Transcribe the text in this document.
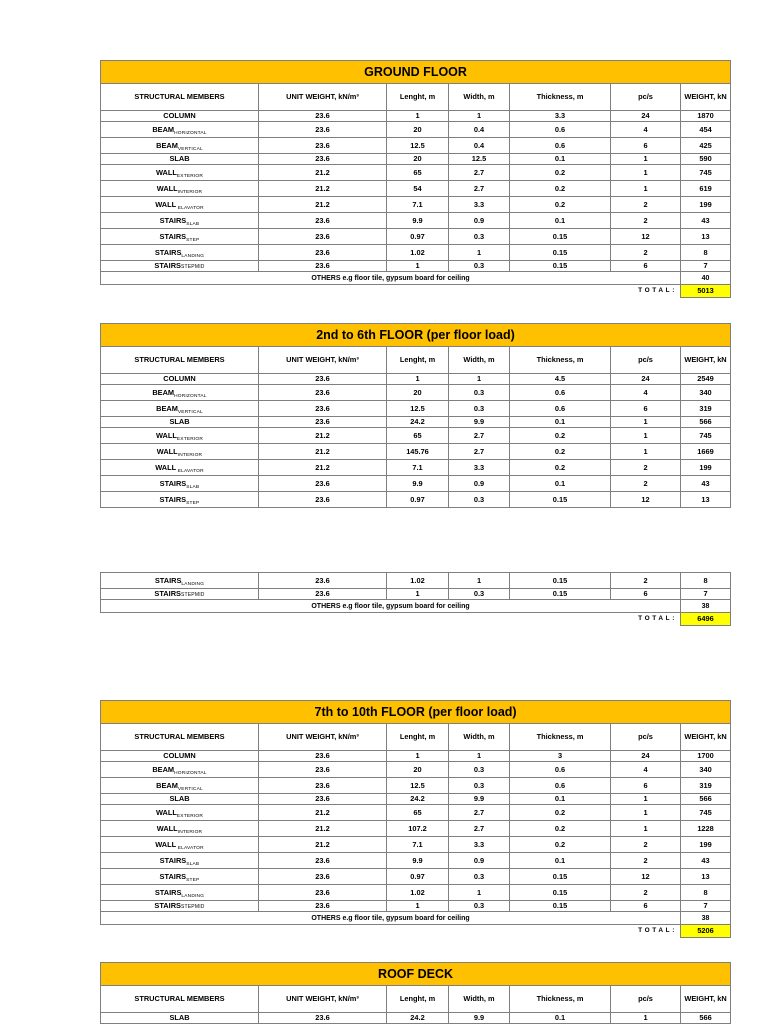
GROUND FLOOR						
STRUCTURAL MEMBERS	UNIT WEIGHT, kN/m³	Lenght, m	Width, m	Thickness, m	pc/s	WEIGHT, kN
COLUMN	23.6	1	1	3.3	24	1870
$BEAM_{HORIZONTAL}$	23.6	20	0.4	0.6	4	454
$BEAM_{VERTICAL}$	23.6	12.5	0.4	0.6	6	425
SLAB	23.6	20	12.5	0.1	1	590
$WALL_{EXTERIOR}$	21.2	65	2.7	0.2	1	745
$WALL_{INTERIOR}$	21.2	54	2.7	0.2	1	619
WALL $_{ELAVATOR}$	21.2	7.1	3.3	0.2	2	199
$STAIRS_{SLAB}$	23.6	9.9	0.9	0.1	2	43
$STAIRS_{STEP}$	23.6	0.97	0.3	0.15	12	13
$STAIRS_{LANDING}$	23.6	1.02	1	0.15	2	8
STAIRSSTEPMID	23.6	1	0.3	0.15	6	7
OTHERS e.g floor tile, gypsum board for ceiling						40
TOTAL:						5013
2nd to 6th FLOOR (per floor load)						
STRUCTURAL MEMBERS	UNIT WEIGHT, kN/m³	Lenght, m	Width, m	Thickness, m	pc/s	WEIGHT, kN
COLUMN	23.6	1	1	4.5	24	2549
$BEAM_{HORIZONTAL}$	23.6	20	0.3	0.6	4	340
$BEAM_{VERTICAL}$	23.6	12.5	0.3	0.6	6	319
SLAB	23.6	24.2	9.9	0.1	1	566
$WALL_{EXTERIOR}$	21.2	65	2.7	0.2	1	745
$WALL_{INTERIOR}$	21.2	145.76	2.7	0.2	1	1669
WALL $_{ELAVATOR}$	21.2	7.1	3.3	0.2	2	199
$STAIRS_{SLAB}$	23.6	9.9	0.9	0.1	2	43
$STAIRS_{STEP}$	23.6	0.97	0.3	0.15	12	13
$STAIRS_{LANDING}$	23.6	1.02	1	0.15	2	8
STAIRSSTEPMID	23.6	1	0.3	0.15	6	7
OTHERS e.g floor tile, gypsum board for ceiling						38
TOTAL:						6496
7th to 10th FLOOR (per floor load)						
STRUCTURAL MEMBERS	UNIT WEIGHT, kN/m³	Lenght, m	Width, m	Thickness, m	pc/s	WEIGHT, kN
COLUMN	23.6	1	1	3	24	1700
$BEAM_{HORIZONTAL}$	23.6	20	0.3	0.6	4	340
$BEAM_{VERTICAL}$	23.6	12.5	0.3	0.6	6	319
SLAB	23.6	24.2	9.9	0.1	1	566
$WALL_{EXTERIOR}$	21.2	65	2.7	0.2	1	745
$WALL_{INTERIOR}$	21.2	107.2	2.7	0.2	1	1228
WALL $_{ELAVATOR}$	21.2	7.1	3.3	0.2	2	199
$STAIRS_{SLAB}$	23.6	9.9	0.9	0.1	2	43
$STAIRS_{STEP}$	23.6	0.97	0.3	0.15	12	13
$STAIRS_{LANDING}$	23.6	1.02	1	0.15	2	8
STAIRSSTEPMID	23.6	1	0.3	0.15	6	7
OTHERS e.g floor tile, gypsum board for ceiling						38
TOTAL:						5206
ROOF DECK						
STRUCTURAL MEMBERS	UNIT WEIGHT, kN/m³	Lenght, m	Width, m	Thickness, m	pc/s	WEIGHT, kN
SLAB	23.6	24.2	9.9	0.1	1	566
